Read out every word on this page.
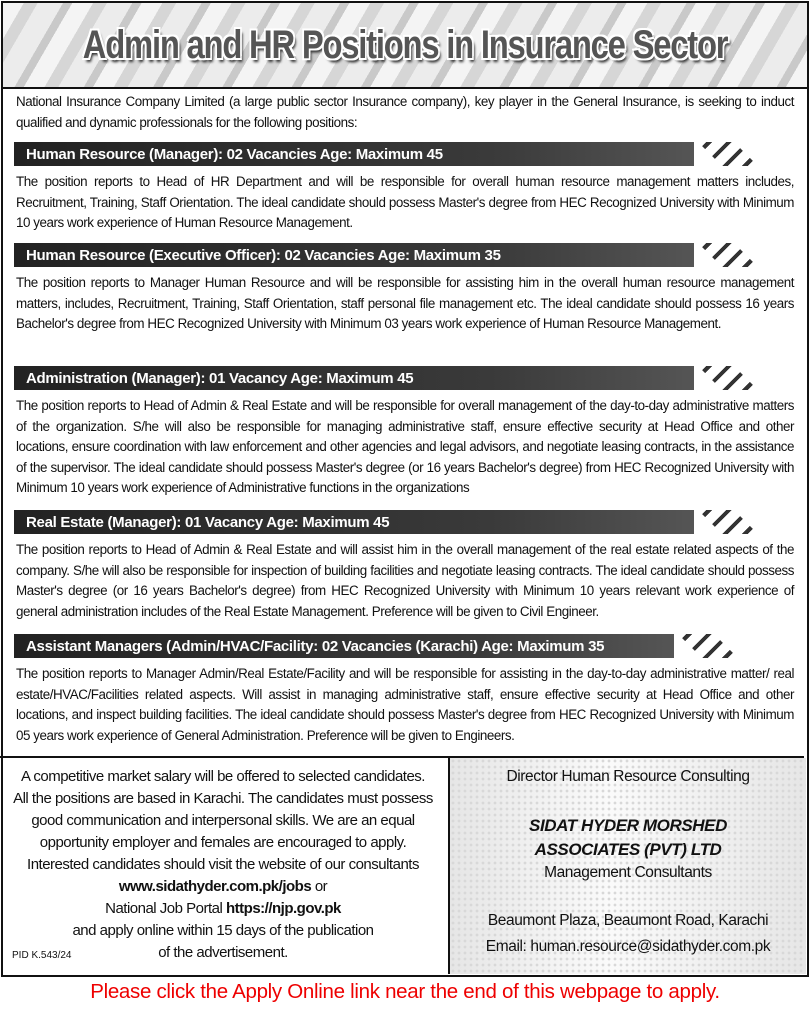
Admin and HR Positions in Insurance Sector

National Insurance Company Limited (a large public sector Insurance company), key player in the General Insurance, is seeking to induct qualified and dynamic professionals for the following positions:

Human Resource (Manager): 02 Vacancies Age: Maximum 45

The position reports to Head of HR Department and will be responsible for overall human resource management matters includes, Recruitment, Training, Staff Orientation. The ideal candidate should possess Master's degree from HEC Recognized University with Minimum 10 years work experience of Human Resource Management.

Human Resource (Executive Officer): 02 Vacancies Age: Maximum 35

The position reports to Manager Human Resource and will be responsible for assisting him in the overall human resource management matters, includes, Recruitment, Training, Staff Orientation, staff personal file management etc. The ideal candidate should possess 16 years Bachelor's degree from HEC Recognized University with Minimum 03 years work experience of Human Resource Management.

Administration (Manager): 01 Vacancy Age: Maximum 45

The position reports to Head of Admin & Real Estate and will be responsible for overall management of the day-to-day administrative matters of the organization. S/he will also be responsible for managing administrative staff, ensure effective security at Head Office and other locations, ensure coordination with law enforcement and other agencies and legal advisors, and negotiate leasing contracts, in the assistance of the supervisor. The ideal candidate should possess Master's degree (or 16 years Bachelor's degree) from HEC Recognized University with Minimum 10 years work experience of Administrative functions in the organizations

Real Estate (Manager): 01 Vacancy Age: Maximum 45

The position reports to Head of Admin & Real Estate and will assist him in the overall management of the real estate related aspects of the company. S/he will also be responsible for inspection of building facilities and negotiate leasing contracts. The ideal candidate should possess Master's degree (or 16 years Bachelor's degree) from HEC Recognized University with Minimum 10 years relevant work experience of general administration includes of the Real Estate Management. Preference will be given to Civil Engineer.

Assistant Managers (Admin/HVAC/Facility: 02 Vacancies (Karachi) Age: Maximum 35

The position reports to Manager Admin/Real Estate/Facility and will be responsible for assisting in the day-to-day administrative matter/ real estate/HVAC/Facilities related aspects. Will assist in managing administrative staff, ensure effective security at Head Office and other locations, and inspect building facilities. The ideal candidate should possess Master's degree from HEC Recognized University with Minimum 05 years work experience of General Administration. Preference will be given to Engineers.

A competitive market salary will be offered to selected candidates.
All the positions are based in Karachi. The candidates must possess
good communication and interpersonal skills. We are an equal
opportunity employer and females are encouraged to apply.
Interested candidates should visit the website of our consultants
www.sidathyder.com.pk/jobs or
National Job Portal https://njp.gov.pk
and apply online within 15 days of the publication
of the advertisement.
PID K.543/24
Director Human Resource Consulting
SIDAT HYDER MORSHED
ASSOCIATES (PVT) LTD
Management Consultants
Beaumont Plaza, Beaumont Road, Karachi
Email: human.resource@sidathyder.com.pk
Please click the Apply Online link near the end of this webpage to apply.
